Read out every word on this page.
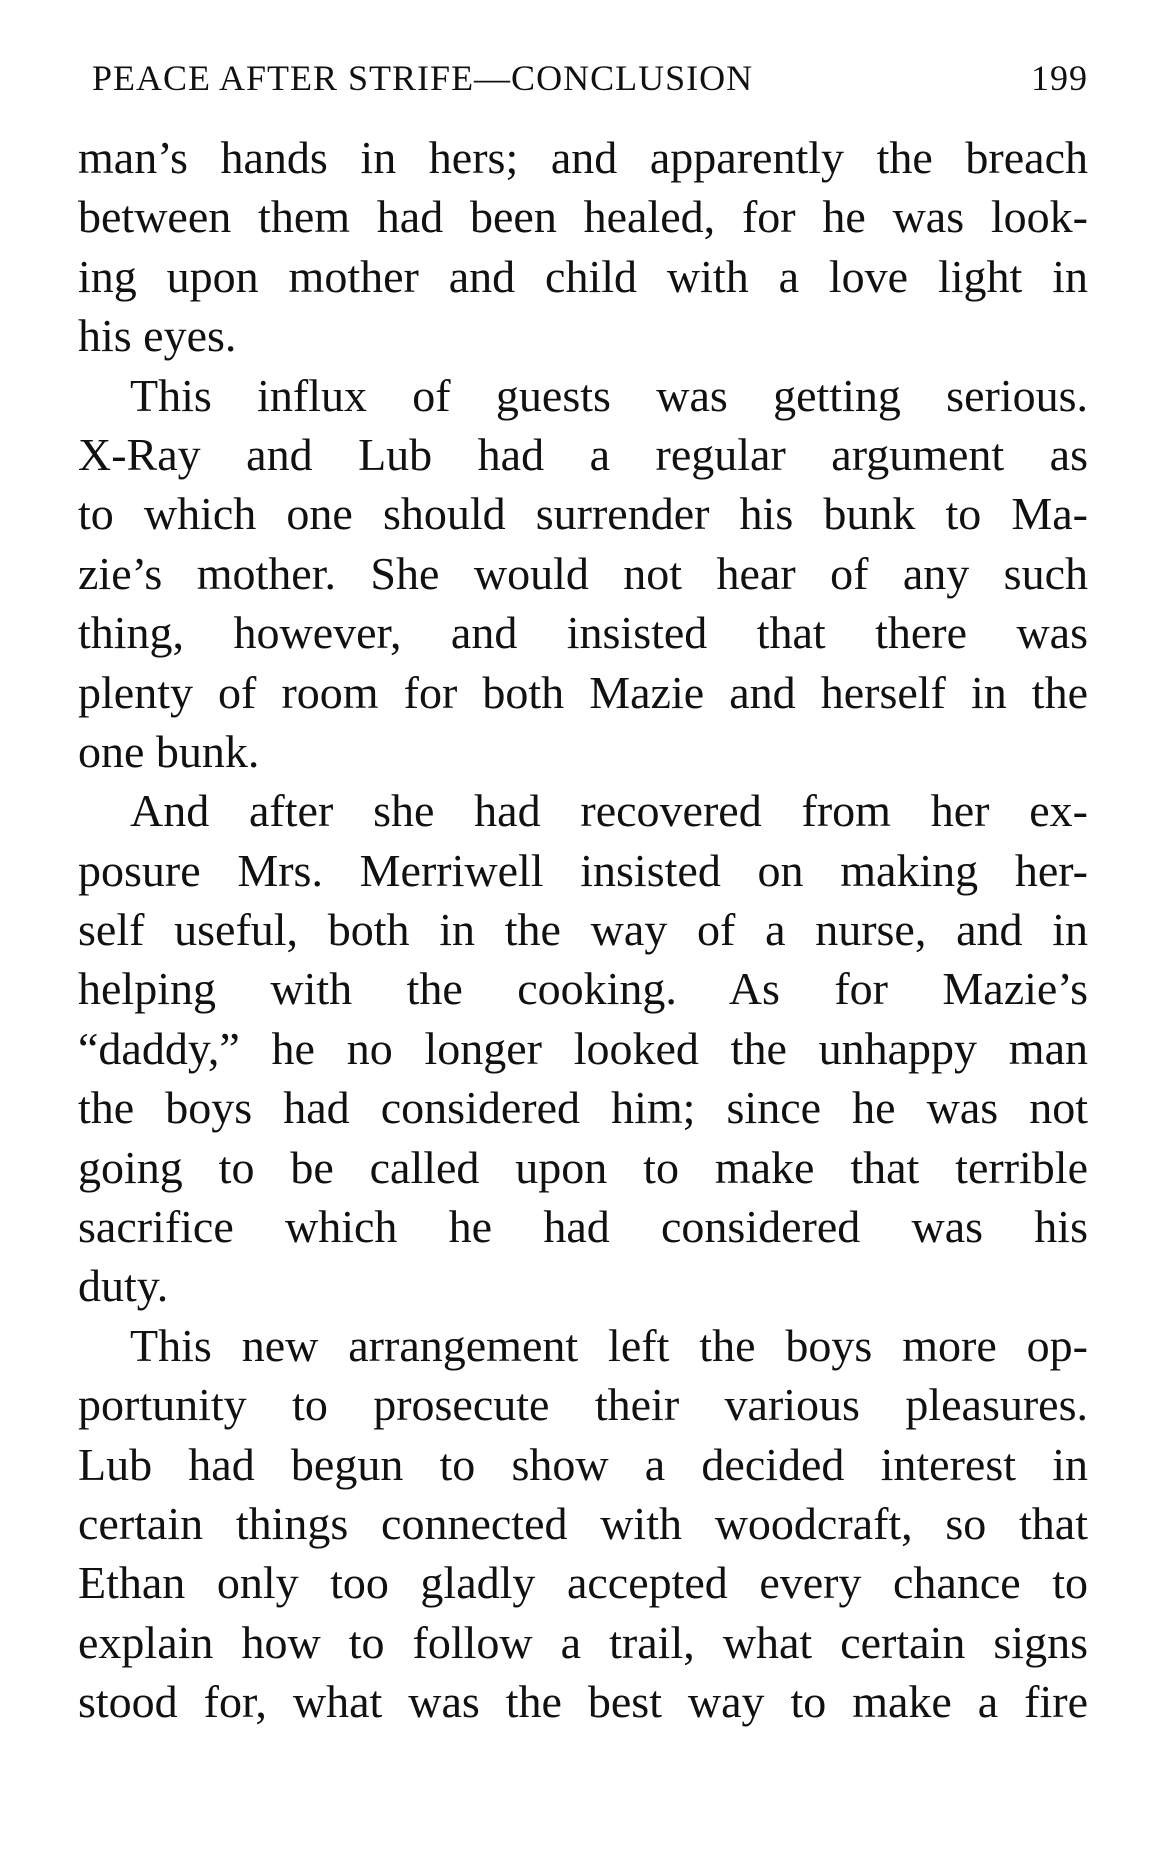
PEACE AFTER STRIFE—CONCLUSION	199
man’s hands in hers; and apparently the breach
between them had been healed, for he was look-
ing upon mother and child with a love light in
his eyes.
This influx of guests was getting serious.
X-Ray and Lub had a regular argument as
to which one should surrender his bunk to Ma-
zie’s mother. She would not hear of any such
thing, however, and insisted that there was
plenty of room for both Mazie and herself in the
one bunk.
And after she had recovered from her ex-
posure Mrs. Merriwell insisted on making her-
self useful, both in the way of a nurse, and in
helping with the cooking. As for Mazie’s
“daddy,” he no longer looked the unhappy man
the boys had considered him; since he was not
going to be called upon to make that terrible
sacrifice which he had considered was his
duty.
This new arrangement left the boys more op-
portunity to prosecute their various pleasures.
Lub had begun to show a decided interest in
certain things connected with woodcraft, so that
Ethan only too gladly accepted every chance to
explain how to follow a trail, what certain signs
stood for, what was the best way to make a fire
